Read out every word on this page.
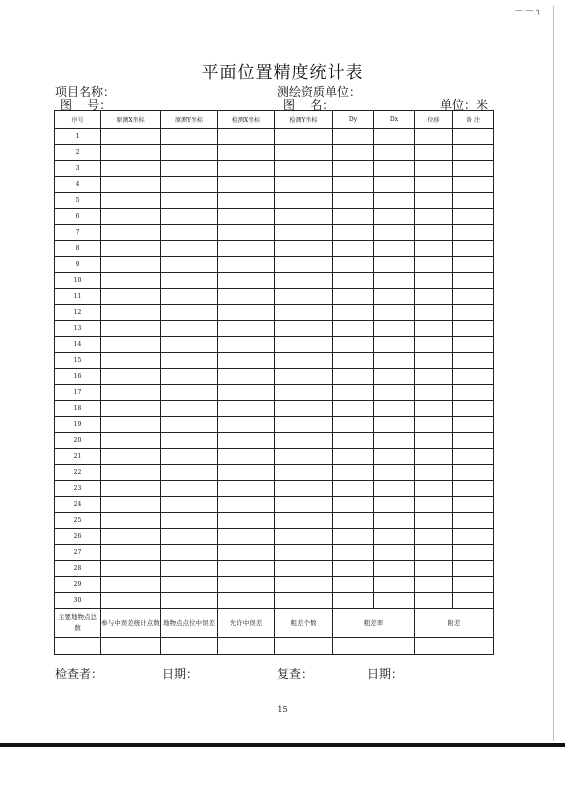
— — ┐
平面位置精度统计表
项目名称：	测绘资质单位：
图    号：	图    名：	单位：米
序号	原测X坐标	原测Y坐标	检测X坐标	检测Y坐标	Dy	Dx	位移	备 注
1								
2								
3								
4								
5								
6								
7								
8								
9								
10								
11								
12								
13								
14								
15								
16								
17								
18								
19								
20								
21								
22								
23								
24								
25								
26								
27								
28								
29								
30								
主要地物点总数	参与中误差统计点数	地物点点位中误差	允许中误差	粗差个数	粗差率		附差	

检查者：	日期：	复查：	日期：
15
